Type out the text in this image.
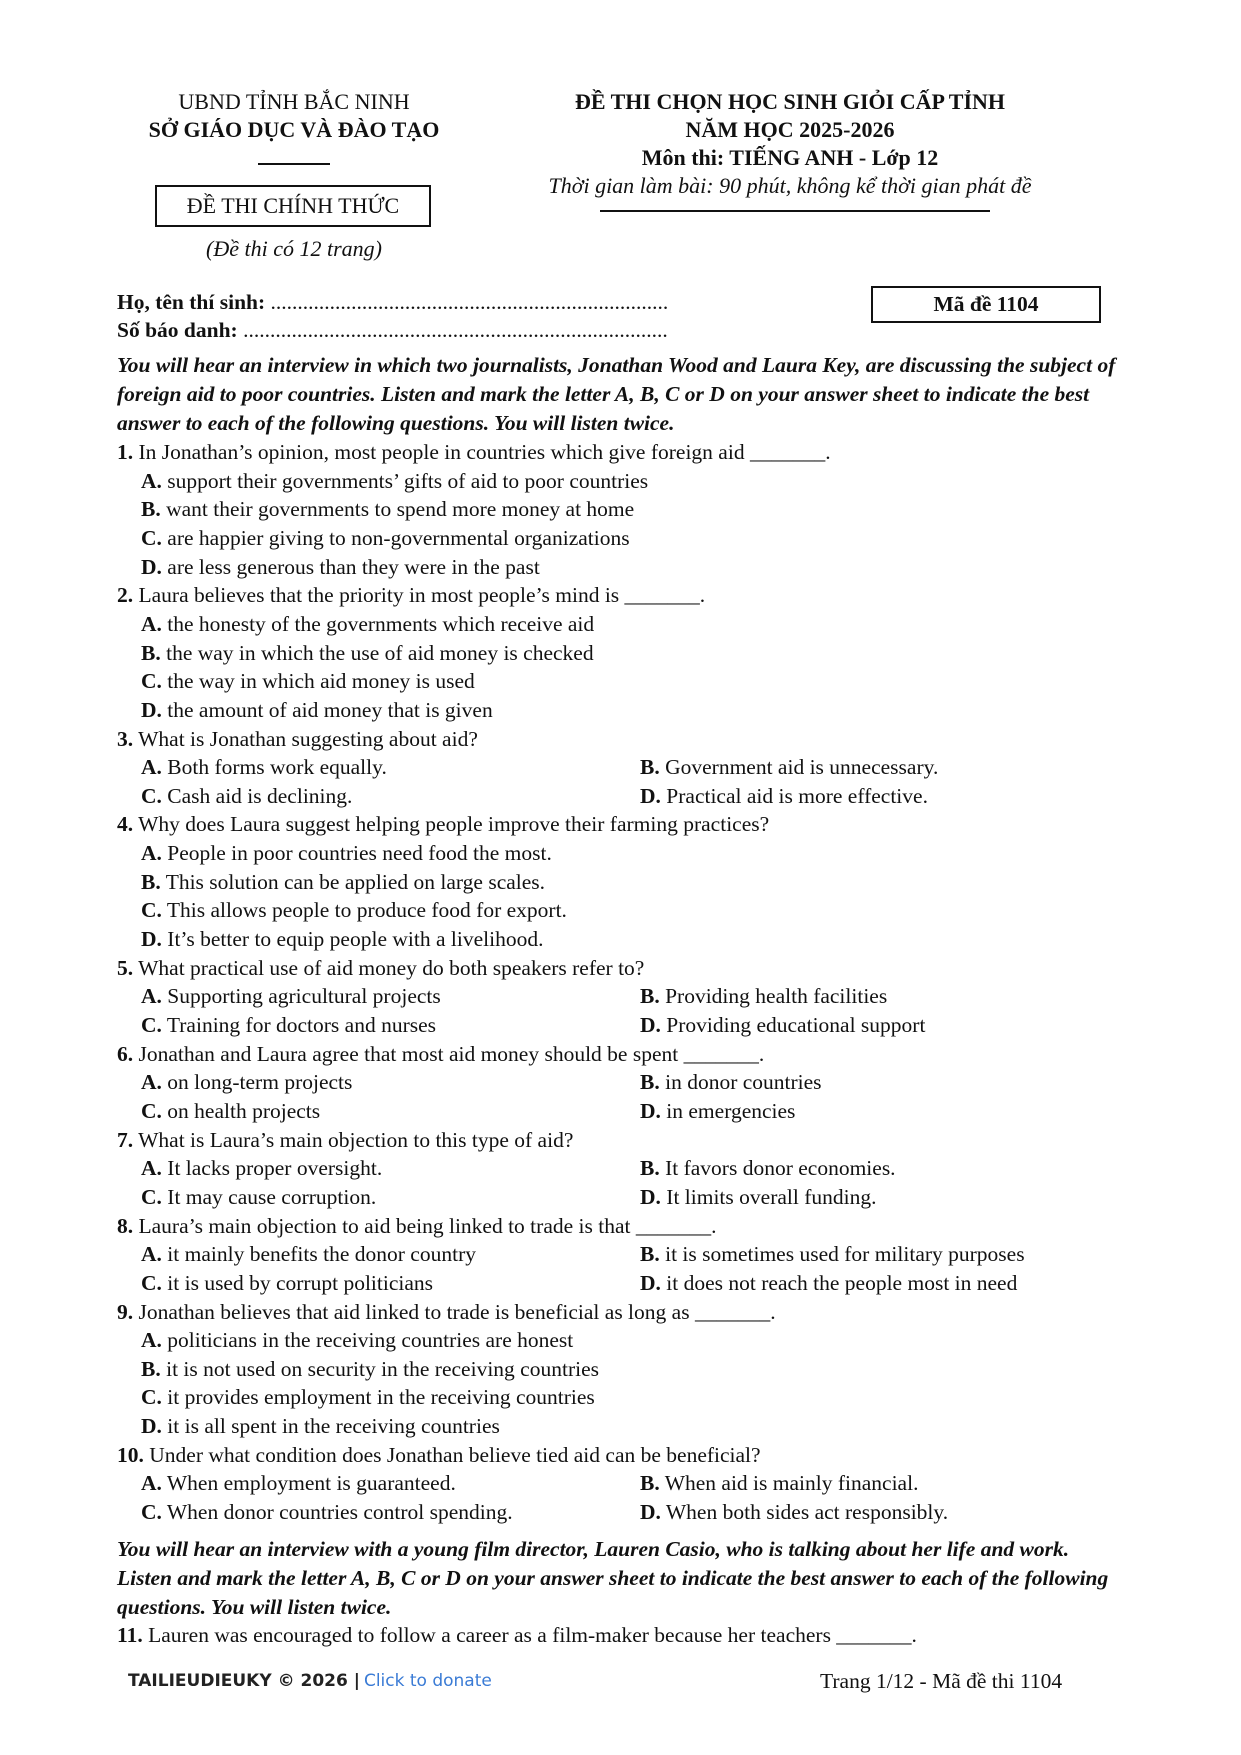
UBND TỈNH BẮC NINH
SỞ GIÁO DỤC VÀ ĐÀO TẠO
ĐỀ THI CHÍNH THỨC
(Đề thi có 12 trang)
ĐỀ THI CHỌN HỌC SINH GIỎI CẤP TỈNH
NĂM HỌC 2025-2026
Môn thi: TIẾNG ANH - Lớp 12
Thời gian làm bài: 90 phút, không kể thời gian phát đề
Họ, tên thí sinh: ..........................................................................
Số báo danh: ...............................................................................
Mã đề 1104
You will hear an interview in which two journalists, Jonathan Wood and Laura Key, are discussing the subject of foreign aid to poor countries. Listen and mark the letter A, B, C or D on your answer sheet to indicate the best answer to each of the following questions. You will listen twice.
1. In Jonathan’s opinion, most people in countries which give foreign aid _______.
A. support their governments’ gifts of aid to poor countries
B. want their governments to spend more money at home
C. are happier giving to non-governmental organizations
D. are less generous than they were in the past
2. Laura believes that the priority in most people’s mind is _______.
A. the honesty of the governments which receive aid
B. the way in which the use of aid money is checked
C. the way in which aid money is used
D. the amount of aid money that is given
3. What is Jonathan suggesting about aid?
A. Both forms work equally.	B. Government aid is unnecessary.
C. Cash aid is declining.	D. Practical aid is more effective.
4. Why does Laura suggest helping people improve their farming practices?
A. People in poor countries need food the most.
B. This solution can be applied on large scales.
C. This allows people to produce food for export.
D. It’s better to equip people with a livelihood.
5. What practical use of aid money do both speakers refer to?
A. Supporting agricultural projects	B. Providing health facilities
C. Training for doctors and nurses	D. Providing educational support
6. Jonathan and Laura agree that most aid money should be spent _______.
A. on long-term projects	B. in donor countries
C. on health projects	D. in emergencies
7. What is Laura’s main objection to this type of aid?
A. It lacks proper oversight.	B. It favors donor economies.
C. It may cause corruption.	D. It limits overall funding.
8. Laura’s main objection to aid being linked to trade is that _______.
A. it mainly benefits the donor country	B. it is sometimes used for military purposes
C. it is used by corrupt politicians	D. it does not reach the people most in need
9. Jonathan believes that aid linked to trade is beneficial as long as _______.
A. politicians in the receiving countries are honest
B. it is not used on security in the receiving countries
C. it provides employment in the receiving countries
D. it is all spent in the receiving countries
10. Under what condition does Jonathan believe tied aid can be beneficial?
A. When employment is guaranteed.	B. When aid is mainly financial.
C. When donor countries control spending.	D. When both sides act responsibly.
You will hear an interview with a young film director, Lauren Casio, who is talking about her life and work. Listen and mark the letter A, B, C or D on your answer sheet to indicate the best answer to each of the following questions. You will listen twice.
11. Lauren was encouraged to follow a career as a film-maker because her teachers _______.
TAILIEUDIEUKY © 2026 | Click to donate	Trang 1/12 - Mã đề thi 1104
